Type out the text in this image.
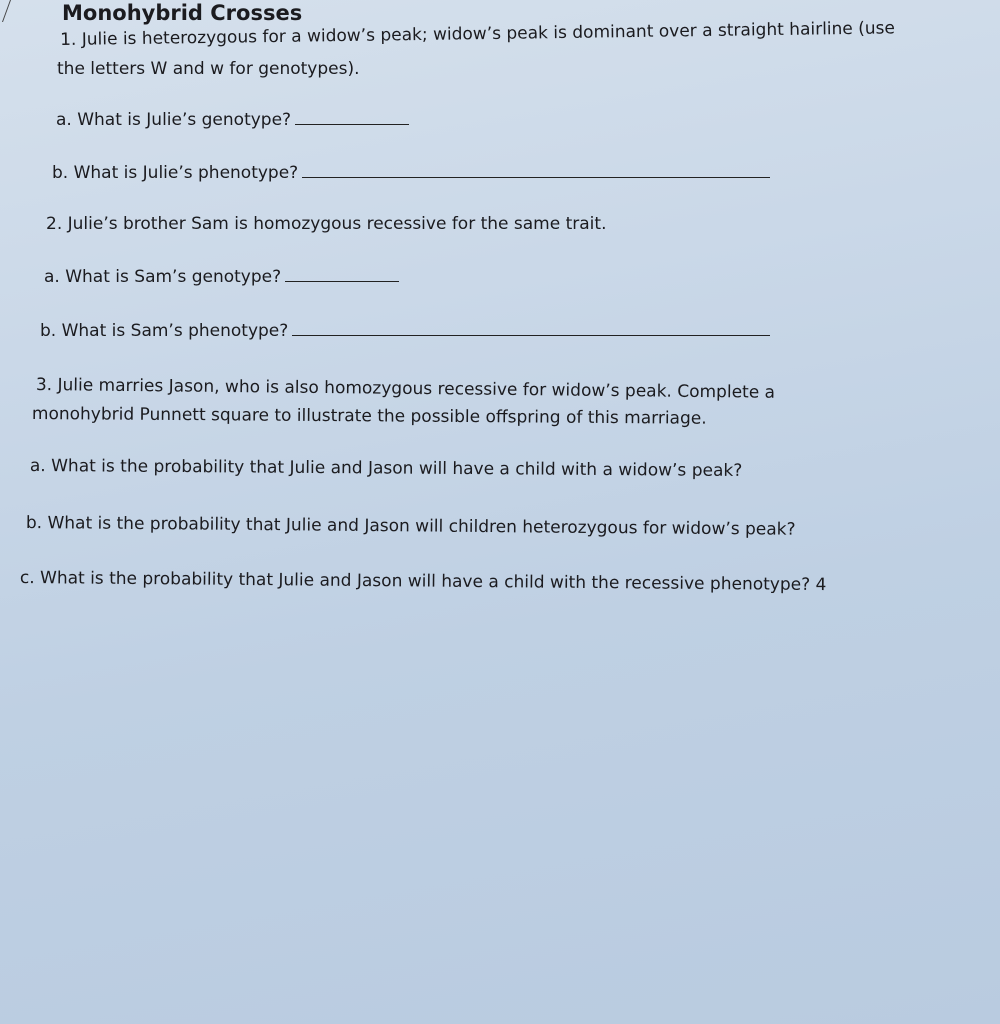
Monohybrid Crosses
1. Julie is heterozygous for a widow’s peak; widow’s peak is dominant over a straight hairline (use
the letters W and w for genotypes).
a. What is Julie’s genotype?
b. What is Julie’s phenotype?
2. Julie’s brother Sam is homozygous recessive for the same trait.
a. What is Sam’s genotype?
b. What is Sam’s phenotype?
3. Julie marries Jason, who is also homozygous recessive for widow’s peak. Complete a
monohybrid Punnett square to illustrate the possible offspring of this marriage.
a. What is the probability that Julie and Jason will have a child with a widow’s peak?
b. What is the probability that Julie and Jason will children heterozygous for widow’s peak?
c. What is the probability that Julie and Jason will have a child with the recessive phenotype? 4
